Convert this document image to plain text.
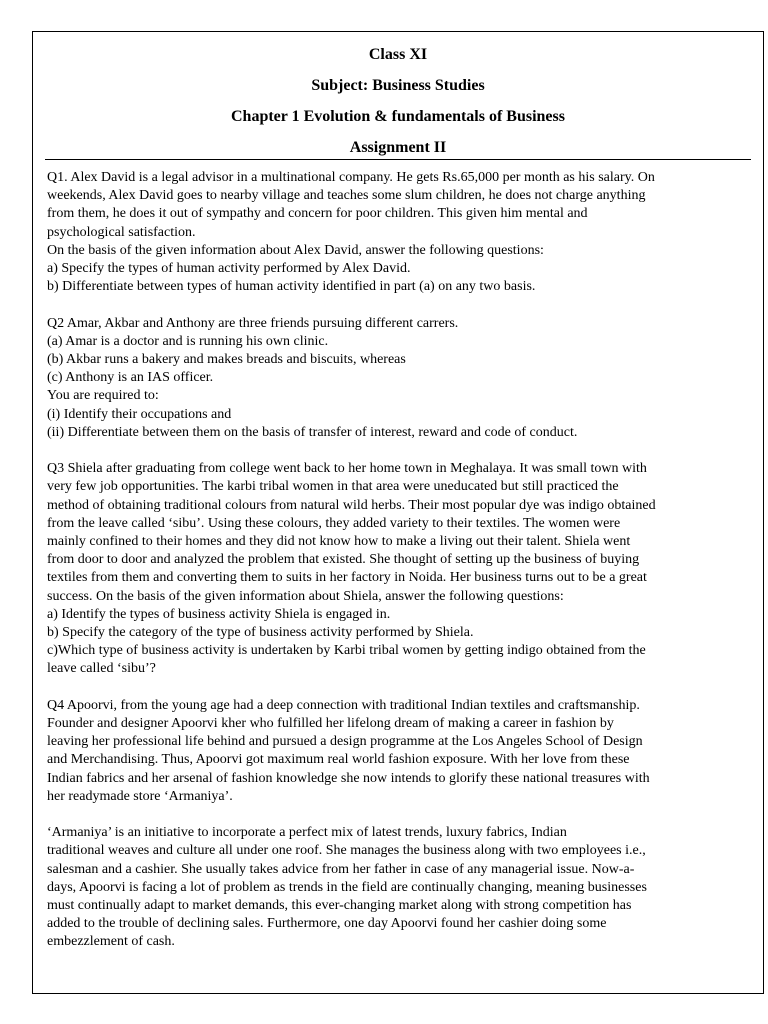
Class XI
Subject: Business Studies
Chapter 1 Evolution & fundamentals of Business
Assignment II
Q1. Alex David is a legal advisor in a multinational company. He gets Rs.65,000 per month as his salary. On
weekends, Alex David goes to nearby village and teaches some slum children, he does not charge anything
from them, he does it out of sympathy and concern for poor children. This given him mental and
psychological satisfaction.
On the basis of the given information about Alex David, answer the following questions:
a) Specify the types of human activity performed by Alex David.
b) Differentiate between types of human activity identified in part (a) on any two basis.
Q2 Amar, Akbar and Anthony are three friends pursuing different carrers.
(a) Amar is a doctor and is running his own clinic.
(b) Akbar runs a bakery and makes breads and biscuits, whereas
(c) Anthony is an IAS officer.
You are required to:
(i) Identify their occupations and
(ii) Differentiate between them on the basis of transfer of interest, reward and code of conduct.
Q3 Shiela after graduating from college went back to her home town in Meghalaya. It was small town with
very few job opportunities. The karbi tribal women in that area were uneducated but still practiced the
method of obtaining traditional colours from natural wild herbs. Their most popular dye was indigo obtained
from the leave called ‘sibu’. Using these colours, they added variety to their textiles. The women were
mainly confined to their homes and they did not know how to make a living out their talent. Shiela went
from door to door and analyzed the problem that existed. She thought of setting up the business of buying
textiles from them and converting them to suits in her factory in Noida. Her business turns out to be a great
success. On the basis of the given information about Shiela, answer the following questions:
a) Identify the types of business activity Shiela is engaged in.
b) Specify the category of the type of business activity performed by Shiela.
c)Which type of business activity is undertaken by Karbi tribal women by getting indigo obtained from the
leave called ‘sibu’?
Q4 Apoorvi, from the young age had a deep connection with traditional Indian textiles and craftsmanship.
Founder and designer Apoorvi kher who fulfilled her lifelong dream of making a career in fashion by
leaving her professional life behind and pursued a design programme at the Los Angeles School of Design
and Merchandising. Thus, Apoorvi got maximum real world fashion exposure. With her love from these
Indian fabrics and her arsenal of fashion knowledge she now intends to glorify these national treasures with
her readymade store ‘Armaniya’.
‘Armaniya’ is an initiative to incorporate a perfect mix of latest trends, luxury fabrics, Indian
traditional weaves and culture all under one roof. She manages the business along with two employees i.e.,
salesman and a cashier. She usually takes advice from her father in case of any managerial issue. Now-a-
days, Apoorvi is facing a lot of problem as trends in the field are continually changing, meaning businesses
must continually adapt to market demands, this ever-changing market along with strong competition has
added to the trouble of declining sales. Furthermore, one day Apoorvi found her cashier doing some
embezzlement of cash.
